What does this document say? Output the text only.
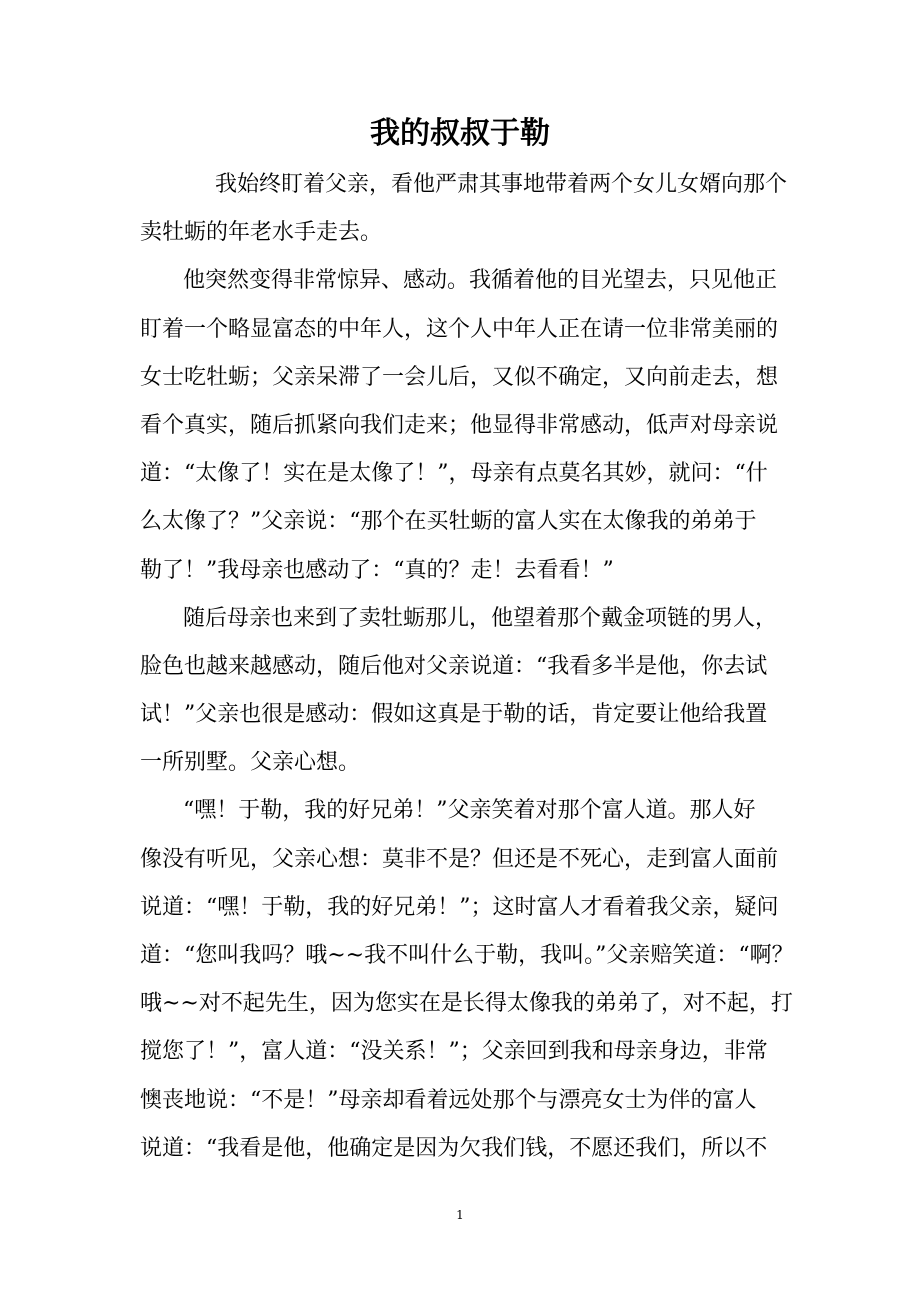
我的叔叔于勒
我始终盯着父亲，看他严肃其事地带着两个女儿女婿向那个
卖牡蛎的年老水手走去。
他突然变得非常惊异、感动。我循着他的目光望去，只见他正
盯着一个略显富态的中年人，这个人中年人正在请一位非常美丽的
女士吃牡蛎；父亲呆滞了一会儿后，又似不确定，又向前走去，想
看个真实，随后抓紧向我们走来；他显得非常感动，低声对母亲说
道：“太像了！实在是太像了！”，母亲有点莫名其妙，就问：“什
么太像了？”父亲说：“那个在买牡蛎的富人实在太像我的弟弟于
勒了！”我母亲也感动了：“真的？走！去看看！”
随后母亲也来到了卖牡蛎那儿，他望着那个戴金项链的男人，
脸色也越来越感动，随后他对父亲说道：“我看多半是他，你去试
试！”父亲也很是感动：假如这真是于勒的话，肯定要让他给我置
一所别墅。父亲心想。
“嘿！于勒，我的好兄弟！”父亲笑着对那个富人道。那人好
像没有听见，父亲心想：莫非不是？但还是不死心，走到富人面前
说道：“嘿！于勒，我的好兄弟！”；这时富人才看着我父亲，疑问
道：“您叫我吗？哦~~我不叫什么于勒，我叫。”父亲赔笑道：“啊？
哦~~对不起先生，因为您实在是长得太像我的弟弟了，对不起，打
搅您了！”，富人道：“没关系！”；父亲回到我和母亲身边，非常
懊丧地说：“不是！”母亲却看着远处那个与漂亮女士为伴的富人
说道：“我看是他，他确定是因为欠我们钱，不愿还我们，所以不
1
